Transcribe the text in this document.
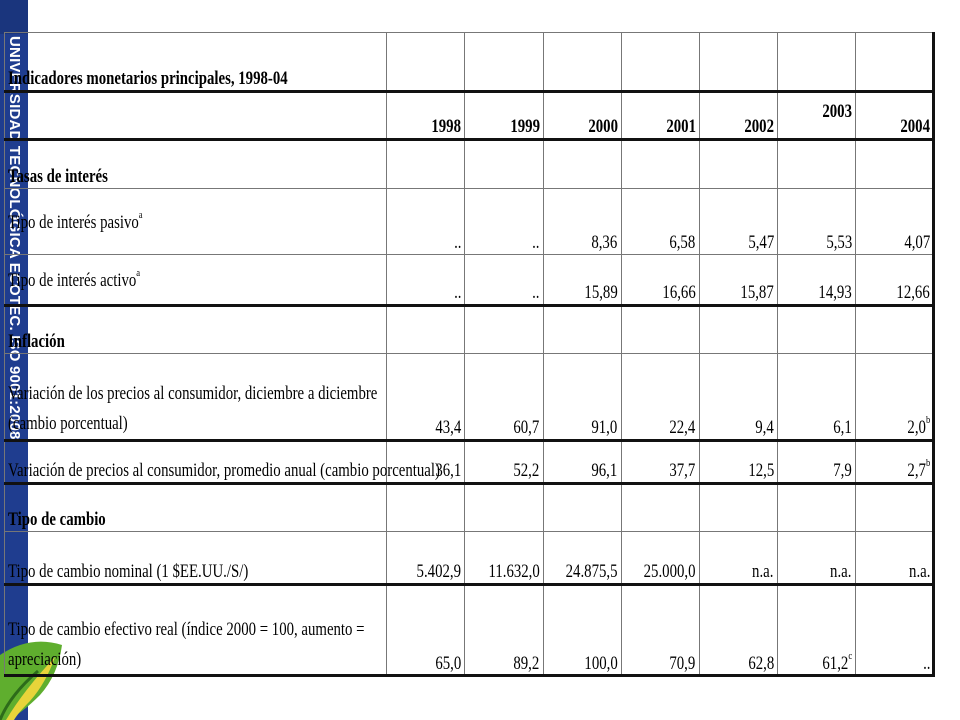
UNIVERSIDAD TECNOLÓGICA ECOTEC. ISO 9001:2008
Indicadores monetarios principales, 1998-04							
	1998	1999	2000	2001	2002	2003	2004
Tasas de interés							
Tipo de interés pasivo$^a$	..	..	8,36	6,58	5,47	5,53	4,07
Tipo de interés activo$^a$	..	..	15,89	16,66	15,87	14,93	12,66
Inflación							

Variación de los precios al consumidor, diciembre a diciembre
(cambio porcentual)	43,4	60,7	91,0	22,4	9,4	6,1	2,0$^b$
Variación de precios al consumidor, promedio anual (cambio porcentual)	36,1	52,2	96,1	37,7	12,5	7,9	2,7$^b$
Tipo de cambio							
Tipo de cambio nominal (1 $EE.UU./S/)	5.402,9	11.632,0	24.875,5	25.000,0	n.a.	n.a.	n.a.

Tipo de cambio efectivo real (índice 2000 = 100, aumento =
apreciación)	65,0	89,2	100,0	70,9	62,8	61,2$^c$	..
